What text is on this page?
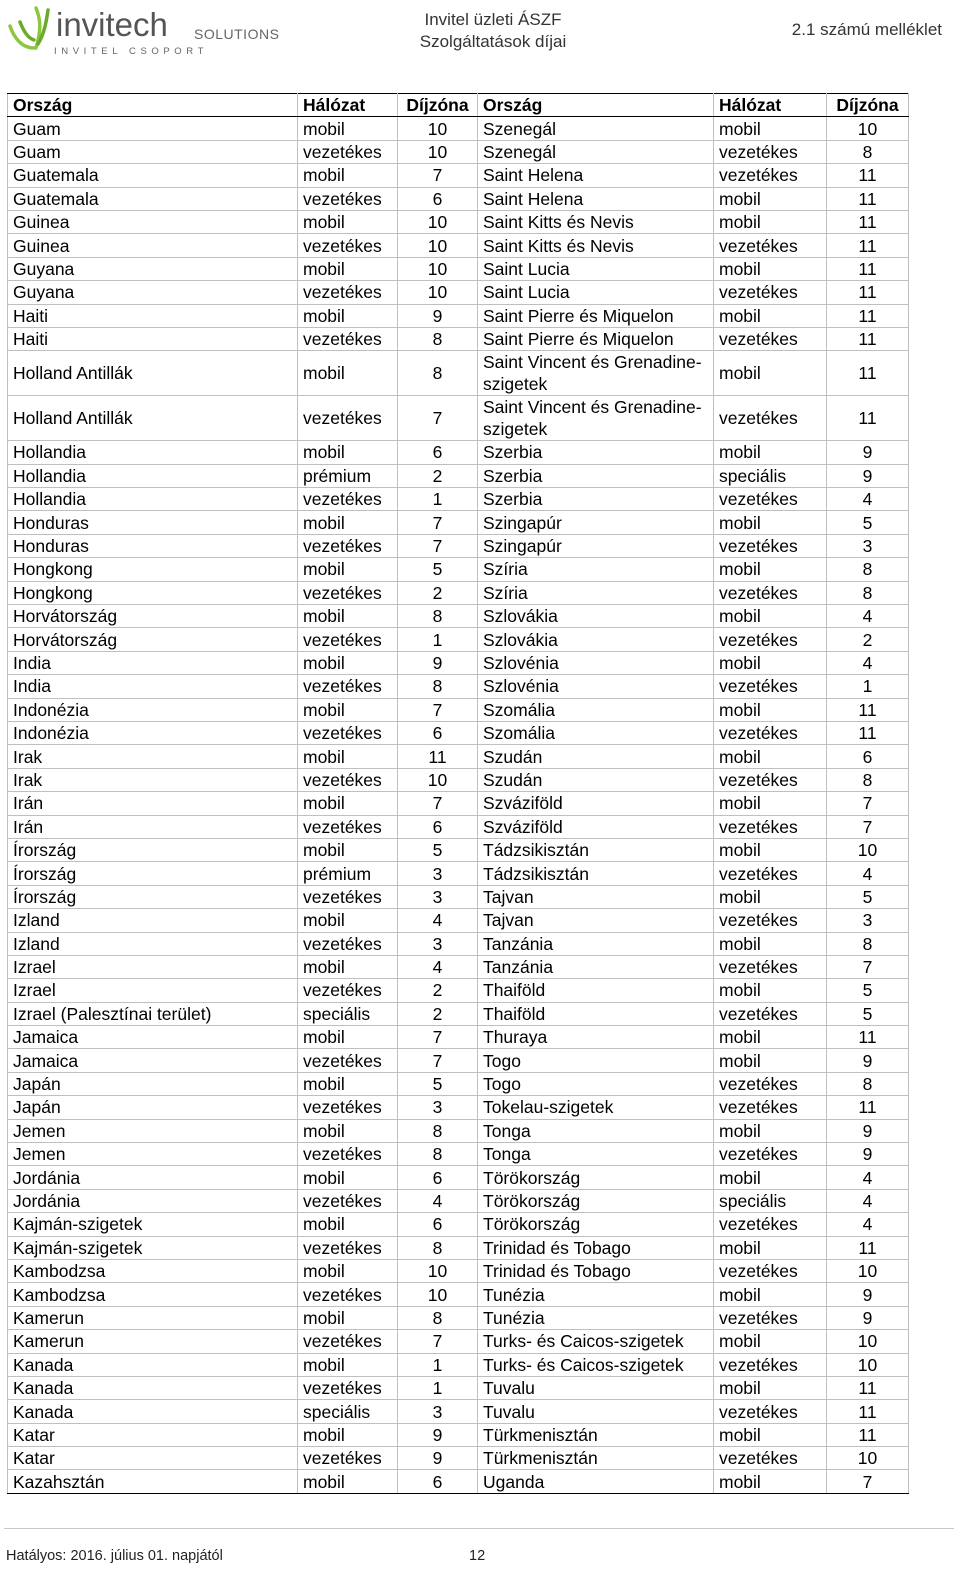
invitech SOLUTIONS
INVITEL CSOPORT
Invitel üzleti ÁSZF
Szolgáltatások díjai
2.1 számú melléklet
Ország	Hálózat	Díjzóna	Ország	Hálózat	Díjzóna
Guam	mobil	10	Szenegál	mobil	10
Guam	vezetékes	10	Szenegál	vezetékes	8
Guatemala	mobil	7	Saint Helena	vezetékes	11
Guatemala	vezetékes	6	Saint Helena	mobil	11
Guinea	mobil	10	Saint Kitts és Nevis	mobil	11
Guinea	vezetékes	10	Saint Kitts és Nevis	vezetékes	11
Guyana	mobil	10	Saint Lucia	mobil	11
Guyana	vezetékes	10	Saint Lucia	vezetékes	11
Haiti	mobil	9	Saint Pierre és Miquelon	mobil	11
Haiti	vezetékes	8	Saint Pierre és Miquelon	vezetékes	11
Holland Antillák	mobil	8	Saint Vincent és Grenadine-szigetek	mobil	11
Holland Antillák	vezetékes	7	Saint Vincent és Grenadine-szigetek	vezetékes	11
Hollandia	mobil	6	Szerbia	mobil	9
Hollandia	prémium	2	Szerbia	speciális	9
Hollandia	vezetékes	1	Szerbia	vezetékes	4
Honduras	mobil	7	Szingapúr	mobil	5
Honduras	vezetékes	7	Szingapúr	vezetékes	3
Hongkong	mobil	5	Szíria	mobil	8
Hongkong	vezetékes	2	Szíria	vezetékes	8
Horvátország	mobil	8	Szlovákia	mobil	4
Horvátország	vezetékes	1	Szlovákia	vezetékes	2
India	mobil	9	Szlovénia	mobil	4
India	vezetékes	8	Szlovénia	vezetékes	1
Indonézia	mobil	7	Szomália	mobil	11
Indonézia	vezetékes	6	Szomália	vezetékes	11
Irak	mobil	11	Szudán	mobil	6
Irak	vezetékes	10	Szudán	vezetékes	8
Irán	mobil	7	Szváziföld	mobil	7
Irán	vezetékes	6	Szváziföld	vezetékes	7
Írország	mobil	5	Tádzsikisztán	mobil	10
Írország	prémium	3	Tádzsikisztán	vezetékes	4
Írország	vezetékes	3	Tajvan	mobil	5
Izland	mobil	4	Tajvan	vezetékes	3
Izland	vezetékes	3	Tanzánia	mobil	8
Izrael	mobil	4	Tanzánia	vezetékes	7
Izrael	vezetékes	2	Thaiföld	mobil	5
Izrael (Palesztínai terület)	speciális	2	Thaiföld	vezetékes	5
Jamaica	mobil	7	Thuraya	mobil	11
Jamaica	vezetékes	7	Togo	mobil	9
Japán	mobil	5	Togo	vezetékes	8
Japán	vezetékes	3	Tokelau-szigetek	vezetékes	11
Jemen	mobil	8	Tonga	mobil	9
Jemen	vezetékes	8	Tonga	vezetékes	9
Jordánia	mobil	6	Törökország	mobil	4
Jordánia	vezetékes	4	Törökország	speciális	4
Kajmán-szigetek	mobil	6	Törökország	vezetékes	4
Kajmán-szigetek	vezetékes	8	Trinidad és Tobago	mobil	11
Kambodzsa	mobil	10	Trinidad és Tobago	vezetékes	10
Kambodzsa	vezetékes	10	Tunézia	mobil	9
Kamerun	mobil	8	Tunézia	vezetékes	9
Kamerun	vezetékes	7	Turks- és Caicos-szigetek	mobil	10
Kanada	mobil	1	Turks- és Caicos-szigetek	vezetékes	10
Kanada	vezetékes	1	Tuvalu	mobil	11
Kanada	speciális	3	Tuvalu	vezetékes	11
Katar	mobil	9	Türkmenisztán	mobil	11
Katar	vezetékes	9	Türkmenisztán	vezetékes	10
Kazahsztán	mobil	6	Uganda	mobil	7
Hatályos: 2016. július 01. napjától	12
